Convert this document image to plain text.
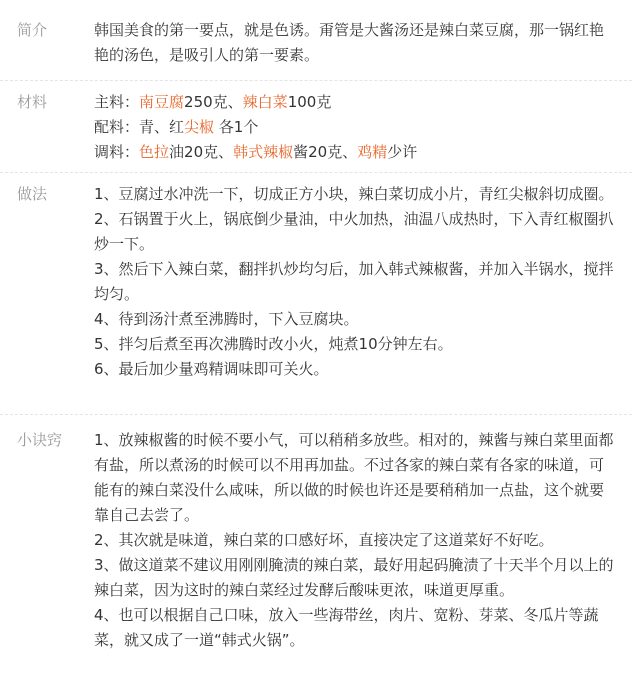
简介	韩国美食的第一要点，就是色诱。甭管是大酱汤还是辣白菜豆腐，那一锅红艳艳的汤色，是吸引人的第一要素。

材料	主料：南豆腐250克、辣白菜100克

配料：青、红尖椒 各1个

调料：色拉油20克、韩式辣椒酱20克、鸡精少许

做法	1、豆腐过水冲洗一下，切成正方小块，辣白菜切成小片，青红尖椒斜切成圈。

2、石锅置于火上，锅底倒少量油，中火加热，油温八成热时，下入青红椒圈扒炒一下。

3、然后下入辣白菜，翻拌扒炒均匀后，加入韩式辣椒酱，并加入半锅水，搅拌均匀。

4、待到汤汁煮至沸腾时，下入豆腐块。

5、拌匀后煮至再次沸腾时改小火，炖煮10分钟左右。

6、最后加少量鸡精调味即可关火。

小诀窍 1、放辣椒酱的时候不要小气，可以稍稍多放些。相对的，辣酱与辣白菜里面都有盐，所以煮汤的时候可以不用再加盐。不过各家的辣白菜有各家的味道，可能有的辣白菜没什么咸味，所以做的时候也许还是要稍稍加一点盐，这个就要靠自己去尝了。

2、其次就是味道，辣白菜的口感好坏，直接决定了这道菜好不好吃。

3、做这道菜不建议用刚刚腌渍的辣白菜，最好用起码腌渍了十天半个月以上的辣白菜，因为这时的辣白菜经过发酵后酸味更浓，味道更厚重。

4、也可以根据自己口味，放入一些海带丝，肉片、宽粉、芽菜、冬瓜片等蔬菜，就又成了一道“韩式火锅”。
